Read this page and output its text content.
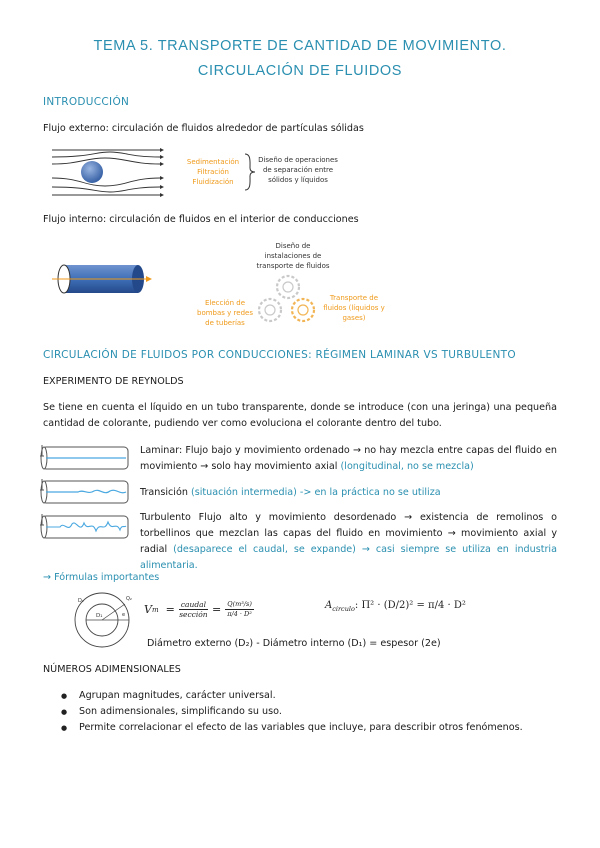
TEMA 5. TRANSPORTE DE CANTIDAD DE MOVIMIENTO.
CIRCULACIÓN DE FLUIDOS
INTRODUCCIÓN
Flujo externo: circulación de fluidos alrededor de partículas sólidas
Sedimentación
Filtración
Fluidización
Diseño de operaciones
de separación entre
sólidos y líquidos
Flujo interno: circulación de fluidos en el interior de conducciones
Diseño de
instalaciones de
transporte de fluidos
Elección de
bombas y redes
de tuberías
Transporte de
fluidos (líquidos y
gases)
CIRCULACIÓN DE FLUIDOS POR CONDUCCIONES: RÉGIMEN LAMINAR VS TURBULENTO
EXPERIMENTO DE REYNOLDS
Se tiene en cuenta el líquido en un tubo transparente, donde se introduce (con una jeringa) una pequeña cantidad de colorante, pudiendo ver como evoluciona el colorante dentro del tubo.
Laminar: Flujo bajo y movimiento ordenado → no hay mezcla entre capas del fluido en movimiento → solo hay movimiento axial (longitudinal, no se mezcla)
Transición (situación intermedia) -> en la práctica no se utiliza
Turbulento Flujo alto y movimiento desordenado → existencia de remolinos o torbellinos que mezclan las capas del fluido en movimiento → movimiento axial y radial (desaparece el caudal, se expande) → casi siempre se utiliza en industria alimentaria.
→ Fórmulas importantes
D₁
Q₂
e
D₂
V m = caudal
sección = $\frac{\text{Q(m³/s)}}{\text{π/4 · D²}}$	$A_{circulo}$: Π² · (D/2)² = π/4 · D²
Diámetro externo (D₂) - Diámetro interno (D₁) = espesor (2e)
NÚMEROS ADIMENSIONALES
● Agrupan magnitudes, carácter universal.
● Son adimensionales, simplificando su uso.
● Permite correlacionar el efecto de las variables que incluye, para describir otros fenómenos.
